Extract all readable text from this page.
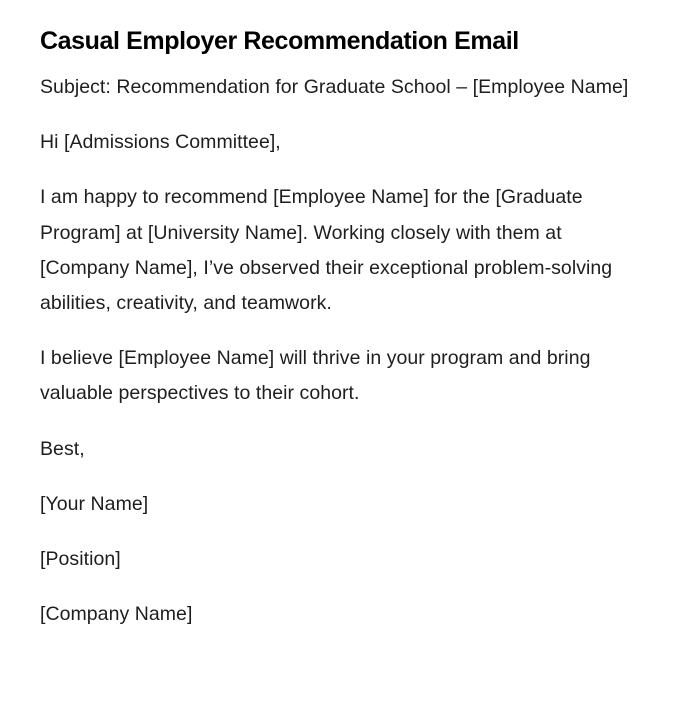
Casual Employer Recommendation Email

Subject: Recommendation for Graduate School – [Employee Name]

Hi [Admissions Committee],

I am happy to recommend [Employee Name] for the [Graduate Program] at [University Name]. Working closely with them at [Company Name], I’ve observed their exceptional problem-solving abilities, creativity, and teamwork.

I believe [Employee Name] will thrive in your program and bring valuable perspectives to their cohort.

Best,

[Your Name]

[Position]

[Company Name]
